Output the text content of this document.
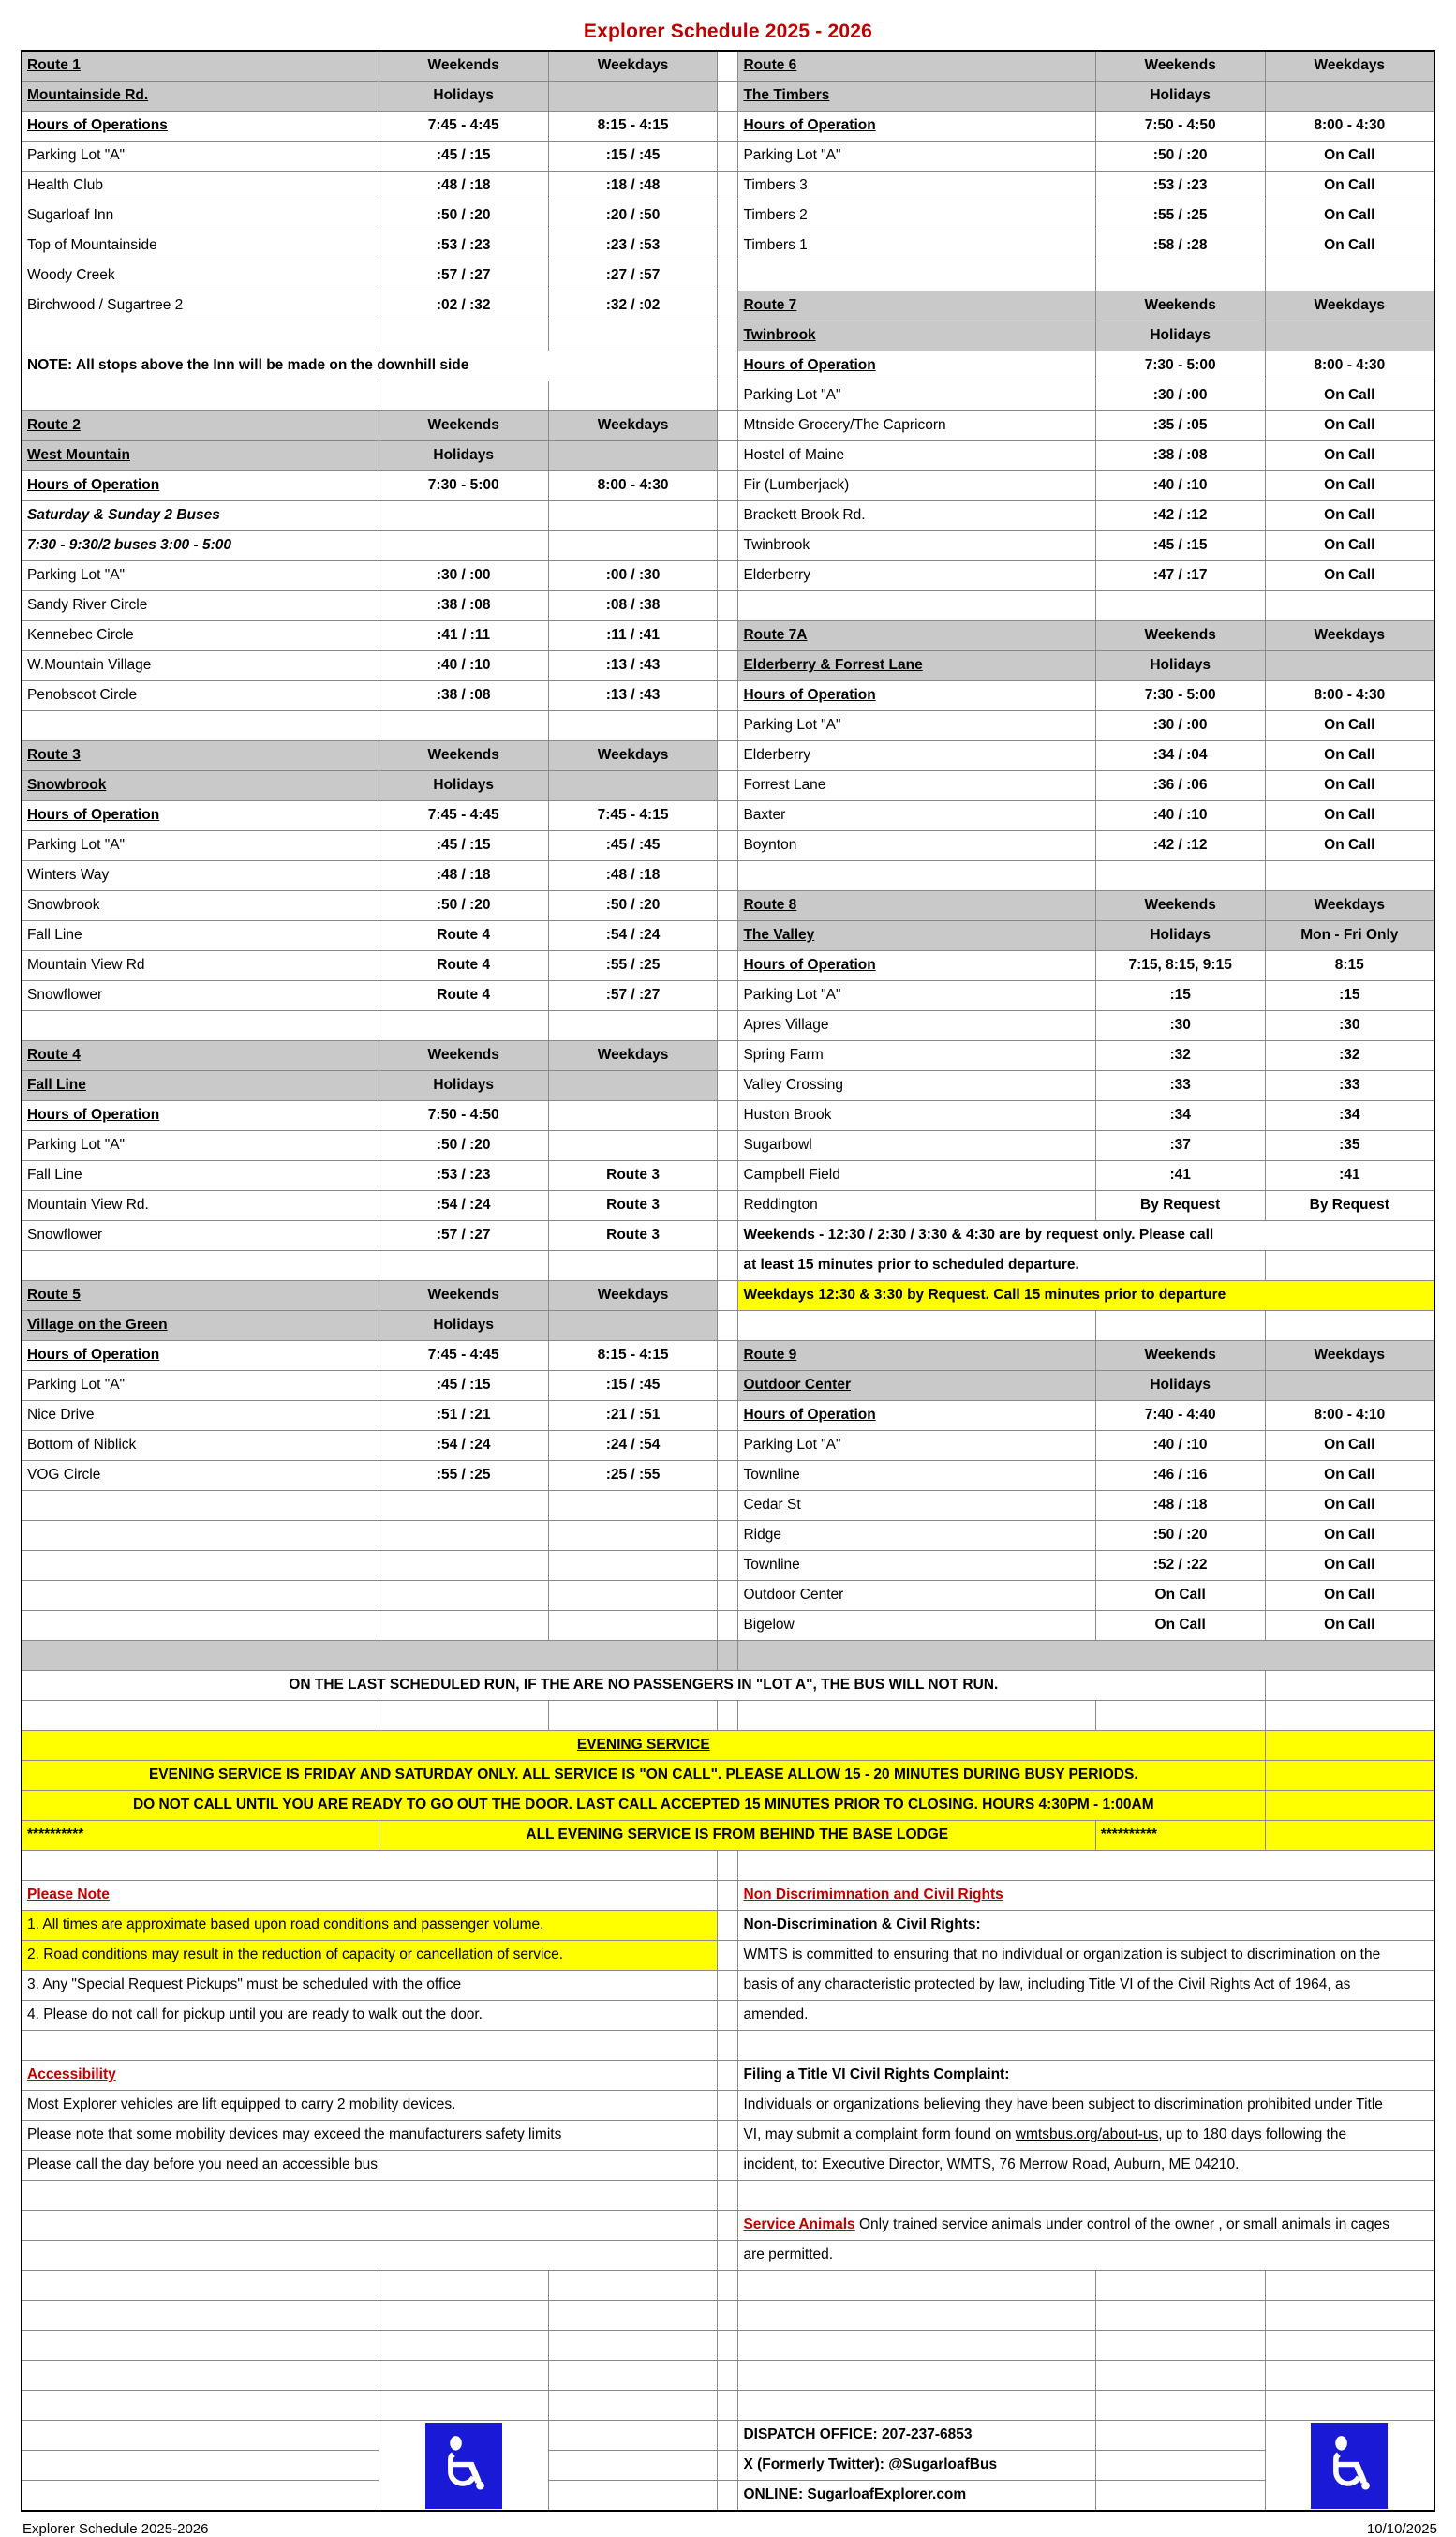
Explorer Schedule 2025 - 2026
Route 1	Weekends	Weekdays		Route 6	Weekends	Weekdays
Mountainside Rd.	Holidays			The Timbers	Holidays	
Hours of Operations	7:45 - 4:45	8:15 - 4:15		Hours of Operation	7:50 - 4:50	8:00 - 4:30
Parking Lot "A"	:45 / :15	:15 / :45		Parking Lot "A"	:50 / :20	On Call
Health Club	:48 / :18	:18 / :48		Timbers 3	:53 / :23	On Call
Sugarloaf Inn	:50 / :20	:20 / :50		Timbers 2	:55 / :25	On Call
Top of Mountainside	:53 / :23	:23 / :53		Timbers 1	:58 / :28	On Call
Woody Creek	:57 / :27	:27 / :57				
Birchwood / Sugartree 2	:02 / :32	:32 / :02		Route 7	Weekends	Weekdays
				Twinbrook	Holidays	
NOTE: All stops above the Inn will be made on the downhill side				Hours of Operation	7:30 - 5:00	8:00 - 4:30
				Parking Lot "A"	:30 / :00	On Call
Route 2	Weekends	Weekdays		Mtnside Grocery/The Capricorn	:35 / :05	On Call
West Mountain	Holidays			Hostel of Maine	:38 / :08	On Call
Hours of Operation	7:30 - 5:00	8:00 - 4:30		Fir (Lumberjack)	:40 / :10	On Call
Saturday & Sunday 2 Buses				Brackett Brook Rd.	:42 / :12	On Call
7:30 - 9:30/2 buses 3:00 - 5:00				Twinbrook	:45 / :15	On Call
Parking Lot "A"	:30 / :00	:00 / :30		Elderberry	:47 / :17	On Call
Sandy River Circle	:38 / :08	:08 / :38				
Kennebec Circle	:41 / :11	:11 / :41		Route 7A	Weekends	Weekdays
W.Mountain Village	:40 / :10	:13 / :43		Elderberry & Forrest Lane	Holidays	
Penobscot Circle	:38 / :08	:13 / :43		Hours of Operation	7:30 - 5:00	8:00 - 4:30
				Parking Lot "A"	:30 / :00	On Call
Route 3	Weekends	Weekdays		Elderberry	:34 / :04	On Call
Snowbrook	Holidays			Forrest Lane	:36 / :06	On Call
Hours of Operation	7:45 - 4:45	7:45 - 4:15		Baxter	:40 / :10	On Call
Parking Lot "A"	:45 / :15	:45 / :45		Boynton	:42 / :12	On Call
Winters Way	:48 / :18	:48 / :18				
Snowbrook	:50 / :20	:50 / :20		Route 8	Weekends	Weekdays
Fall Line	Route 4	:54 / :24		The Valley	Holidays	Mon - Fri Only
Mountain View Rd	Route 4	:55 / :25		Hours of Operation	7:15, 8:15, 9:15	8:15
Snowflower	Route 4	:57 / :27		Parking Lot "A"	:15	:15
				Apres Village	:30	:30
Route 4	Weekends	Weekdays		Spring Farm	:32	:32
Fall Line	Holidays			Valley Crossing	:33	:33
Hours of Operation	7:50 - 4:50			Huston Brook	:34	:34
Parking Lot "A"	:50 / :20			Sugarbowl	:37	:35
Fall Line	:53 / :23	Route 3		Campbell Field	:41	:41
Mountain View Rd.	:54 / :24	Route 3		Reddington	By Request	By Request
Snowflower	:57 / :27	Route 3		Weekends - 12:30 / 2:30 / 3:30 & 4:30 are by request only. Please call		
				at least 15 minutes prior to scheduled departure.		
Route 5	Weekends	Weekdays		Weekdays 12:30 & 3:30 by Request. Call 15 minutes prior to departure		
Village on the Green	Holidays					
Hours of Operation	7:45 - 4:45	8:15 - 4:15		Route 9	Weekends	Weekdays
Parking Lot "A"	:45 / :15	:15 / :45		Outdoor Center	Holidays	
Nice Drive	:51 / :21	:21 / :51		Hours of Operation	7:40 - 4:40	8:00 - 4:10
Bottom of Niblick	:54 / :24	:24 / :54		Parking Lot "A"	:40 / :10	On Call
VOG Circle	:55 / :25	:25 / :55		Townline	:46 / :16	On Call
				Cedar St	:48 / :18	On Call
				Ridge	:50 / :20	On Call
				Townline	:52 / :22	On Call
				Outdoor Center	On Call	On Call
				Bigelow	On Call	On Call

ON THE LAST SCHEDULED RUN, IF THE ARE NO PASSENGERS IN "LOT A", THE BUS WILL NOT RUN.						

EVENING SERVICE						
EVENING SERVICE IS FRIDAY AND SATURDAY ONLY. ALL SERVICE IS "ON CALL". PLEASE ALLOW 15 - 20 MINUTES DURING BUSY PERIODS.						
DO NOT CALL UNTIL YOU ARE READY TO GO OUT THE DOOR. LAST CALL ACCEPTED 15 MINUTES PRIOR TO CLOSING. HOURS 4:30PM - 1:00AM						
**********	ALL EVENING SERVICE IS FROM BEHIND THE BASE LODGE				**********	

Please Note				Non Discrimimnation and Civil Rights		
1. All times are approximate based upon road conditions and passenger volume.				Non-Discrimination & Civil Rights:		
2. Road conditions may result in the reduction of capacity or cancellation of service.				WMTS is committed to ensuring that no individual or organization is subject to discrimination on the		
3. Any "Special Request Pickups" must be scheduled with the office				basis of any characteristic protected by law, including Title VI of the Civil Rights Act of 1964, as		
4. Please do not call for pickup until you are ready to walk out the door.				amended.		

Accessibility				Filing a Title VI Civil Rights Complaint:		
Most Explorer vehicles are lift equipped to carry 2 mobility devices.				Individuals or organizations believing they have been subject to discrimination prohibited under Title		
Please note that some mobility devices may exceed the manufacturers safety limits				VI, may submit a complaint form found on wmtsbus.org/about-us, up to 180 days following the		
Please call the day before you need an accessible bus				incident, to: Executive Director, WMTS, 76 Merrow Road, Auburn, ME 04210.		

				Service Animals Only trained service animals under control of the owner , or small animals in cages		
				are permitted.		

			DISPATCH OFFICE: 207-237-6853		

				X (Formerly Twitter): @SugarloafBus		
				ONLINE: SugarloafExplorer.com		
Explorer Schedule 2025-2026	10/10/2025
